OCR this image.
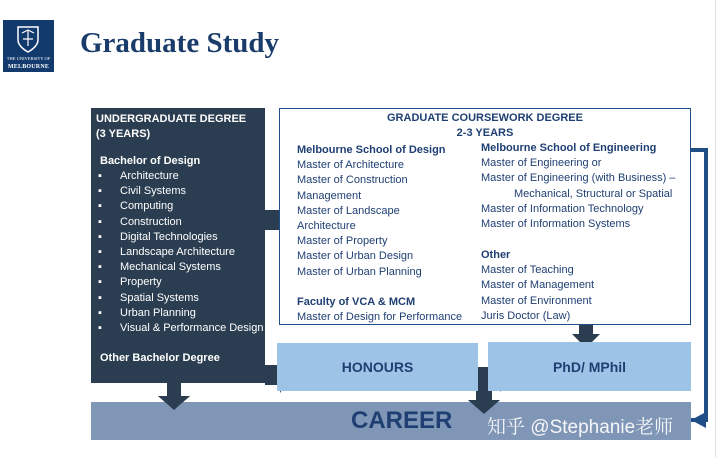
THE UNIVERSITY OF
MELBOURNE
Graduate Study
UNDERGRADUATE DEGREE
(3 YEARS)
Bachelor of Design
▪ Architecture
▪ Civil Systems
▪ Computing
▪ Construction
▪ Digital Technologies
▪ Landscape Architecture
▪ Mechanical Systems
▪ Property
▪ Spatial Systems
▪ Urban Planning
▪ Visual & Performance Design
Other Bachelor Degree
GRADUATE COURSEWORK DEGREE
2-3 YEARS
Melbourne School of Design
Master of Architecture
Master of Construction
Management
Master of Landscape
Architecture
Master of Property
Master of Urban Design
Master of Urban Planning
Faculty of VCA & MCM
Master of Design for Performance
Melbourne School of Engineering
Master of Engineering or
Master of Engineering (with Business) –
Mechanical, Structural or Spatial
Master of Information Technology
Master of Information Systems
Other
Master of Teaching
Master of Management
Master of Environment
Juris Doctor (Law)
HONOURS	PhD/ MPhil
CAREER 知乎 @Stephanie老师
